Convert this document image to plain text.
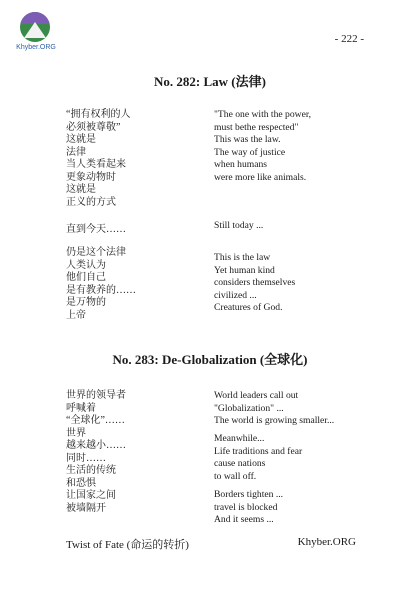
Khyber.ORG
- 222 -
No. 282: Law (法律)
“拥有权利的人
必须被尊敬”
这就是
法律
当人类看起来
更象动物时
这就是
正义的方式
直到今天……
仍是这个法律
人类认为
他们自己
是有教养的……
是万物的
上帝
"The one with the power,
must bethe respected"
This was the law.
The way of justice
when humans
were more like animals.
Still today ...
This is the law
Yet human kind
considers themselves
civilized ...
Creatures of God.
No. 283: De-Globalization (全球化)
世界的领导者
呼喊着
“全球化”……
世界
越来越小……
同时……
生活的传统
和恐惧
让国家之间
被墙隔开
World leaders call out
"Globalization" ...
The world is growing smaller...
Meanwhile...
Life traditions and fear
cause nations
to wall off.
Borders tighten ...
travel is blocked
And it seems ...
Twist of Fate (命运的转折)	Khyber.ORG
